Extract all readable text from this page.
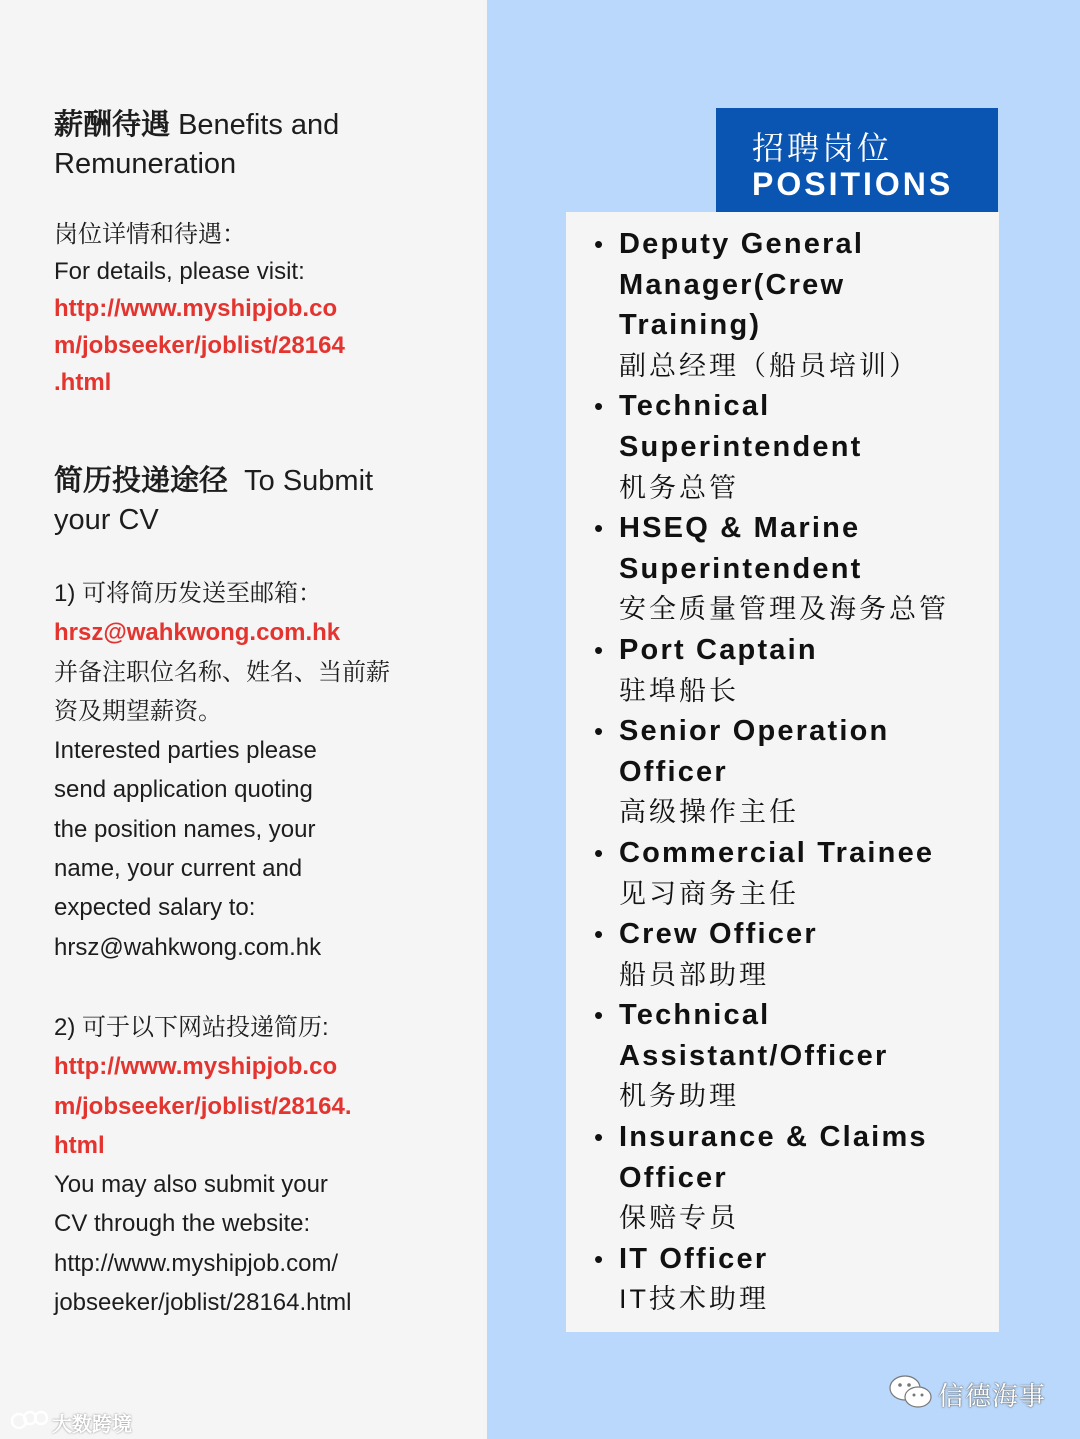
薪酬待遇 Benefits and
Remuneration
岗位详情和待遇：
For details, please visit:
http://www.myshipjob.co
m/jobseeker/joblist/28164
.html
简历投递途径  To Submit
your CV
1) 可将简历发送至邮箱：
hrsz@wahkwong.com.hk
并备注职位名称、姓名、当前薪
资及期望薪资。
Interested parties please
send application quoting
the position names, your
name, your current and
expected salary to:
hrsz@wahkwong.com.hk
2) 可于以下网站投递简历:
http://www.myshipjob.co
m/jobseeker/joblist/28164.
html
You may also submit your
CV through the website:
http://www.myshipjob.com/
jobseeker/joblist/28164.html
招聘岗位
POSITIONS
• Deputy General
Manager(Crew
Training)
副总经理（船员培训）
• Technical
Superintendent
机务总管
• HSEQ & Marine
Superintendent
安全质量管理及海务总管
• Port Captain
驻埠船长
• Senior Operation
Officer
高级操作主任
• Commercial Trainee
见习商务主任
• Crew Officer
船员部助理
• Technical
Assistant/Officer
机务助理
• Insurance & Claims
Officer
保赔专员
• IT Officer
IT技术助理
信德海事
大数跨境
